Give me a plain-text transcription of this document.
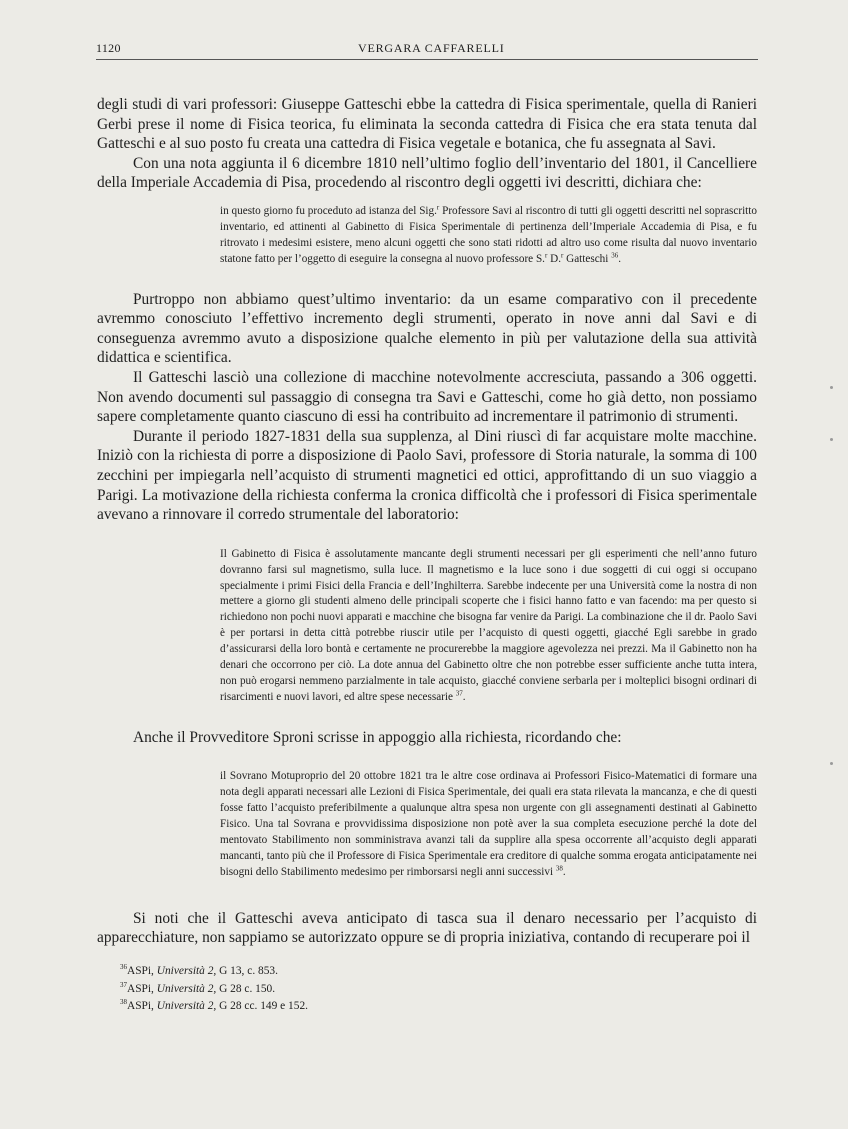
1120	VERGARA CAFFARELLI

degli studi di vari professori: Giuseppe Gatteschi ebbe la cattedra di Fisica sperimentale, quella di Ranieri Gerbi prese il nome di Fisica teorica, fu eliminata la seconda cattedra di Fisica che era stata tenuta dal Gatteschi e al suo posto fu creata una cattedra di Fisica vegetale e botanica, che fu assegnata al Savi.

Con una nota aggiunta il 6 dicembre 1810 nell’ultimo foglio dell’inventario del 1801, il Cancelliere della Imperiale Accademia di Pisa, procedendo al riscontro degli oggetti ivi descritti, dichiara che:

in questo giorno fu proceduto ad istanza del Sig.$^r$ Professore Savi al riscontro di tutti gli oggetti descritti nel soprascritto inventario, ed attinenti al Gabinetto di Fisica Sperimentale di pertinenza dell’Imperiale Accademia di Pisa, e fu ritrovato i medesimi esistere, meno alcuni oggetti che sono stati ridotti ad altro uso come risulta dal nuovo inventario statone fatto per l’oggetto di eseguire la consegna al nuovo professore S.$^r$ D.$^r$ Gatteschi $^{36}$.

Purtroppo non abbiamo quest’ultimo inventario: da un esame comparativo con il precedente avremmo conosciuto l’effettivo incremento degli strumenti, operato in nove anni dal Savi e di conseguenza avremmo avuto a disposizione qualche elemento in più per valutazione della sua attività didattica e scientifica.

Il Gatteschi lasciò una collezione di macchine notevolmente accresciuta, passando a 306 oggetti. Non avendo documenti sul passaggio di consegna tra Savi e Gatteschi, come ho già detto, non possiamo sapere completamente quanto ciascuno di essi ha contribuito ad incrementare il patrimonio di strumenti.

Durante il periodo 1827-1831 della sua supplenza, al Dini riuscì di far acquistare molte macchine. Iniziò con la richiesta di porre a disposizione di Paolo Savi, professore di Storia naturale, la somma di 100 zecchini per impiegarla nell’acquisto di strumenti magnetici ed ottici, approfittando di un suo viaggio a Parigi. La motivazione della richiesta conferma la cronica difficoltà che i professori di Fisica sperimentale avevano a rinnovare il corredo strumentale del laboratorio:

Il Gabinetto di Fisica è assolutamente mancante degli strumenti necessari per gli esperimenti che nell’anno futuro dovranno farsi sul magnetismo, sulla luce. Il magnetismo e la luce sono i due soggetti di cui oggi si occupano specialmente i primi Fisici della Francia e dell’Inghilterra. Sarebbe indecente per una Università come la nostra di non mettere a giorno gli studenti almeno delle principali scoperte che i fisici hanno fatto e van facendo: ma per questo si richiedono non pochi nuovi apparati e macchine che bisogna far venire da Parigi. La combinazione che il dr. Paolo Savi è per portarsi in detta città potrebbe riuscir utile per l’acquisto di questi oggetti, giacché Egli sarebbe in grado d’assicurarsi della loro bontà e certamente ne procurerebbe la maggiore agevolezza nei prezzi. Ma il Gabinetto non ha denari che occorrono per ciò. La dote annua del Gabinetto oltre che non potrebbe esser sufficiente anche tutta intera, non può erogarsi nemmeno parzialmente in tale acquisto, giacché conviene serbarla per i molteplici bisogni ordinari di risarcimenti e nuovi lavori, ed altre spese necessarie $^{37}$.

Anche il Provveditore Sproni scrisse in appoggio alla richiesta, ricordando che:

il Sovrano Motuproprio del 20 ottobre 1821 tra le altre cose ordinava ai Professori Fisico-Matematici di formare una nota degli apparati necessari alle Lezioni di Fisica Sperimentale, dei quali era stata rilevata la mancanza, e che di questi fosse fatto l’acquisto preferibilmente a qualunque altra spesa non urgente con gli assegnamenti destinati al Gabinetto Fisico. Una tal Sovrana e provvidissima disposizione non potè aver la sua completa esecuzione perché la dote del mentovato Stabilimento non somministrava avanzi tali da supplire alla spesa occorrente all’acquisto degli apparati mancanti, tanto più che il Professore di Fisica Sperimentale era creditore di qualche somma erogata anticipatamente nei bisogni dello Stabilimento medesimo per rimborsarsi negli anni successivi $^{38}$.

Si noti che il Gatteschi aveva anticipato di tasca sua il denaro necessario per l’acquisto di apparecchiature, non sappiamo se autorizzato oppure se di propria iniziativa, contando di recuperare poi il

$^{36}$ASPi, Università 2, G 13, c. 853.
$^{37}$ASPi, Università 2, G 28 c. 150.
$^{38}$ASPi, Università 2, G 28 cc. 149 e 152.
